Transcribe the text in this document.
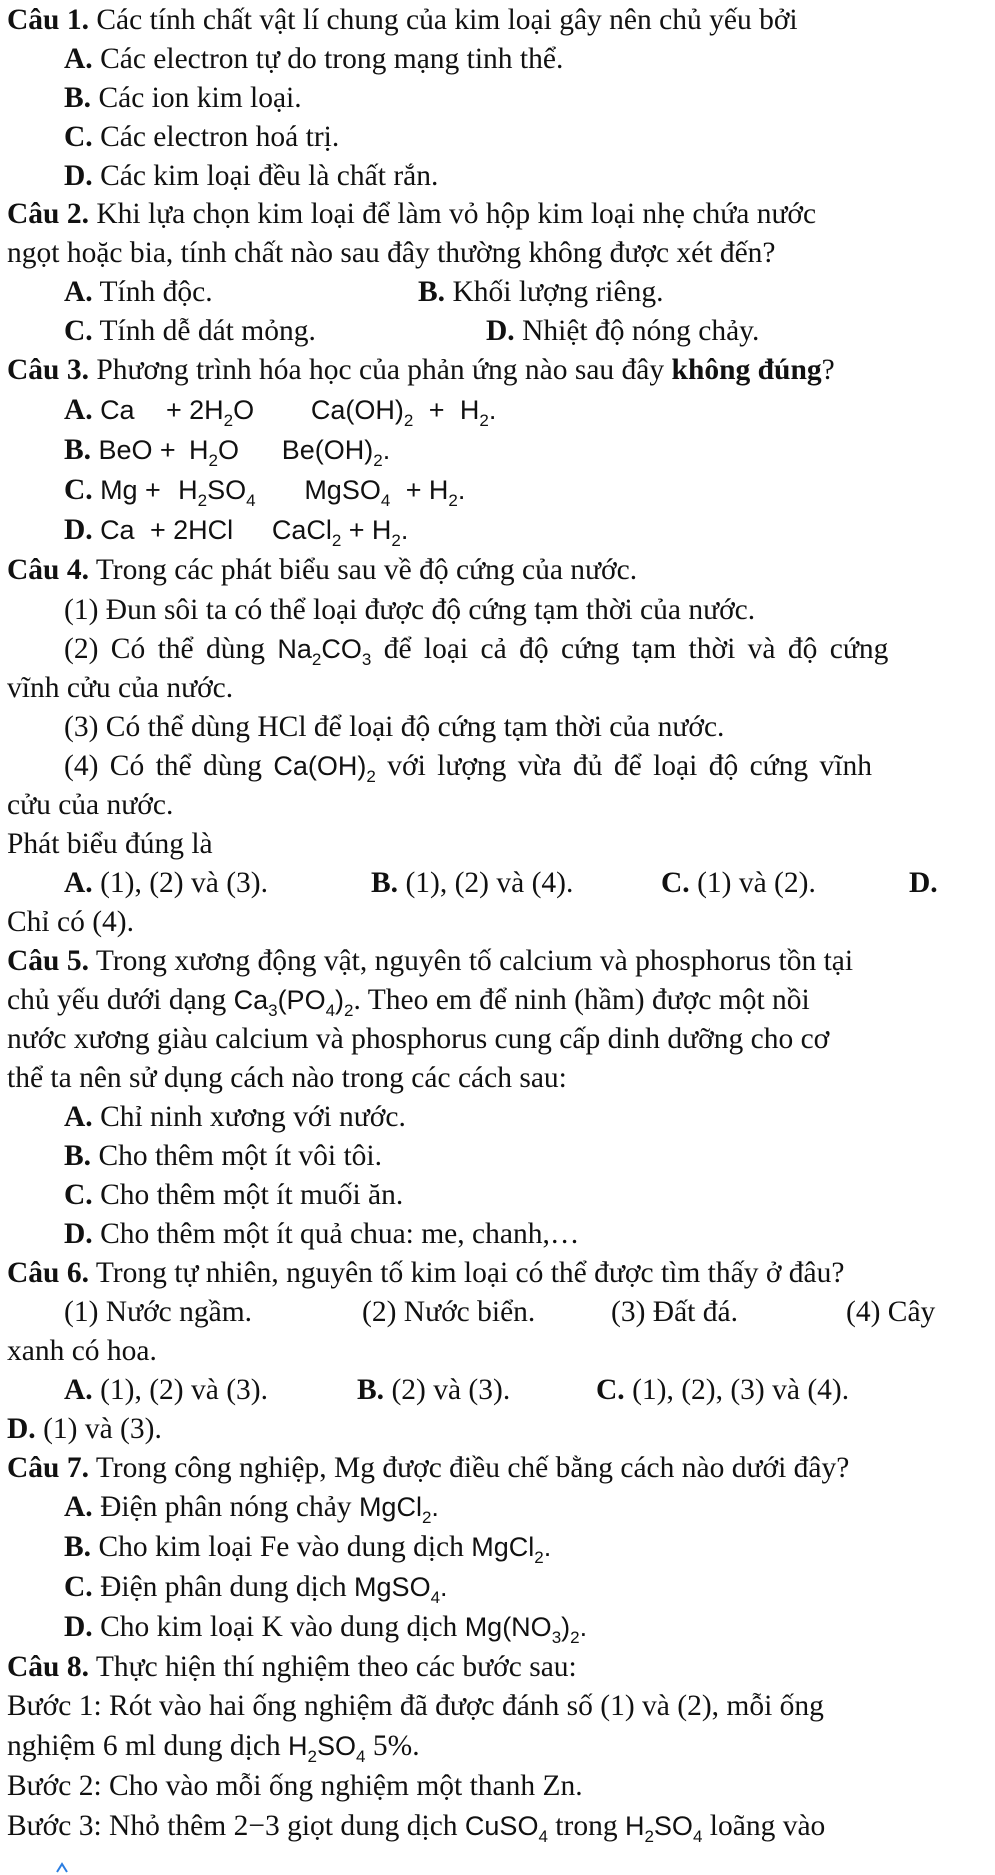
Câu 1. Các tính chất vật lí chung của kim loại gây nên chủ yếu bởi
A. Các electron tự do trong mạng tinh thể.
B. Các ion kim loại.
C. Các electron hoá trị.
D. Các kim loại đều là chất rắn.
Câu 2. Khi lựa chọn kim loại để làm vỏ hộp kim loại nhẹ chứa nước
ngọt hoặc bia, tính chất nào sau đây thường không được xét đến?
A. Tính độc.	B. Khối lượng riêng.
C. Tính dễ dát mỏng.	D. Nhiệt độ nóng chảy.
Câu 3. Phương trình hóa học của phản ứng nào sau đây không đúng?
A. $Ca + 2H_2O$ $Ca(OH)_2 + H_2$.
B. BeO + $H_2O$ $Be(OH)_2$.
C. $Mg + H_2SO_4$ MgSO$_4$ + $H_2$.
D. Ca + 2HCl CaCl$_2$ + $H_2$.
Câu 4. Trong các phát biểu sau về độ cứng của nước.
(1) Đun sôi ta có thể loại được độ cứng tạm thời của nước.
(2) Có thể dùng $Na_2CO_3$ để loại cả độ cứng tạm thời và độ cứng
vĩnh cửu của nước.
(3) Có thể dùng HCl để loại độ cứng tạm thời của nước.
(4) Có thể dùng $Ca(OH)_2$ với lượng vừa đủ để loại độ cứng vĩnh
cửu của nước.
Phát biểu đúng là
A. (1), (2) và (3).	B. (1), (2) và (4).	C. (1) và (2).	D.
Chỉ có (4).
Câu 5. Trong xương động vật, nguyên tố calcium và phosphorus tồn tại
chủ yếu dưới dạng $Ca_3(PO_4)_2$. Theo em để ninh (hầm) được một nồi
nước xương giàu calcium và phosphorus cung cấp dinh dưỡng cho cơ
thể ta nên sử dụng cách nào trong các cách sau:
A. Chỉ ninh xương với nước.
B. Cho thêm một ít vôi tôi.
C. Cho thêm một ít muối ăn.
D. Cho thêm một ít quả chua: me, chanh,…
Câu 6. Trong tự nhiên, nguyên tố kim loại có thể được tìm thấy ở đâu?
(1) Nước ngầm.	(2) Nước biển.	(3) Đất đá.	(4) Cây
xanh có hoa.
A. (1), (2) và (3).	B. (2) và (3).	C. (1), (2), (3) và (4).
D. (1) và (3).
Câu 7. Trong công nghiệp, Mg được điều chế bằng cách nào dưới đây?
A. Điện phân nóng chảy MgCl$_2$.
B. Cho kim loại Fe vào dung dịch MgCl$_2$.
C. Điện phân dung dịch MgSO$_4$.
D. Cho kim loại K vào dung dịch $Mg(NO_3)_2$.
Câu 8. Thực hiện thí nghiệm theo các bước sau:
Bước 1: Rót vào hai ống nghiệm đã được đánh số (1) và (2), mỗi ống
nghiệm 6 ml dung dịch $H_2SO_4$ 5%.
Bước 2: Cho vào mỗi ống nghiệm một thanh Zn.
Bước 3: Nhỏ thêm 2−3 giọt dung dịch CuSO$_4$ trong $H_2SO_4$ loãng vào
